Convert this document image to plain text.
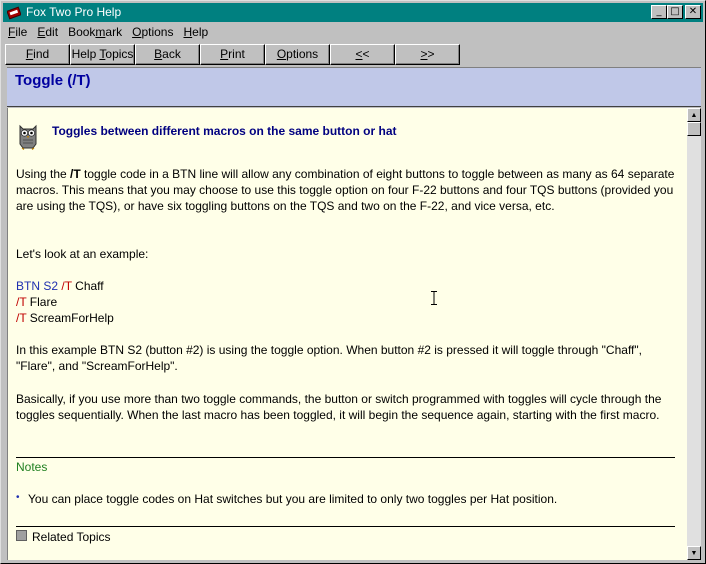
Fox Two Pro Help	_ □ ✕
File Edit Bookmark Options Help
Find	Help Topics	Back	Print	Options	<<	>>
Toggle (/T)
Toggles between different macros on the same button or hat
Using the /T toggle code in a BTN line will allow any combination of eight buttons to toggle between as many as 64 separate macros. This means that you may choose to use this toggle option on four F-22 buttons and four TQS buttons (provided you are using the TQS), or have six toggling buttons on the TQS and two on the F-22, and vice versa, etc.
Let's look at an example:
BTN S2 /T Chaff
/T Flare
/T ScreamForHelp
In this example BTN S2 (button #2) is using the toggle option. When button #2 is pressed it will toggle through "Chaff", "Flare", and "ScreamForHelp".
Basically, if you use more than two toggle commands, the button or switch programmed with toggles will cycle through the toggles sequentially. When the last macro has been toggled, it will begin the sequence again, starting with the first macro.
Notes
• You can place toggle codes on Hat switches but you are limited to only two toggles per Hat position.
Related Topics
▲
▼
